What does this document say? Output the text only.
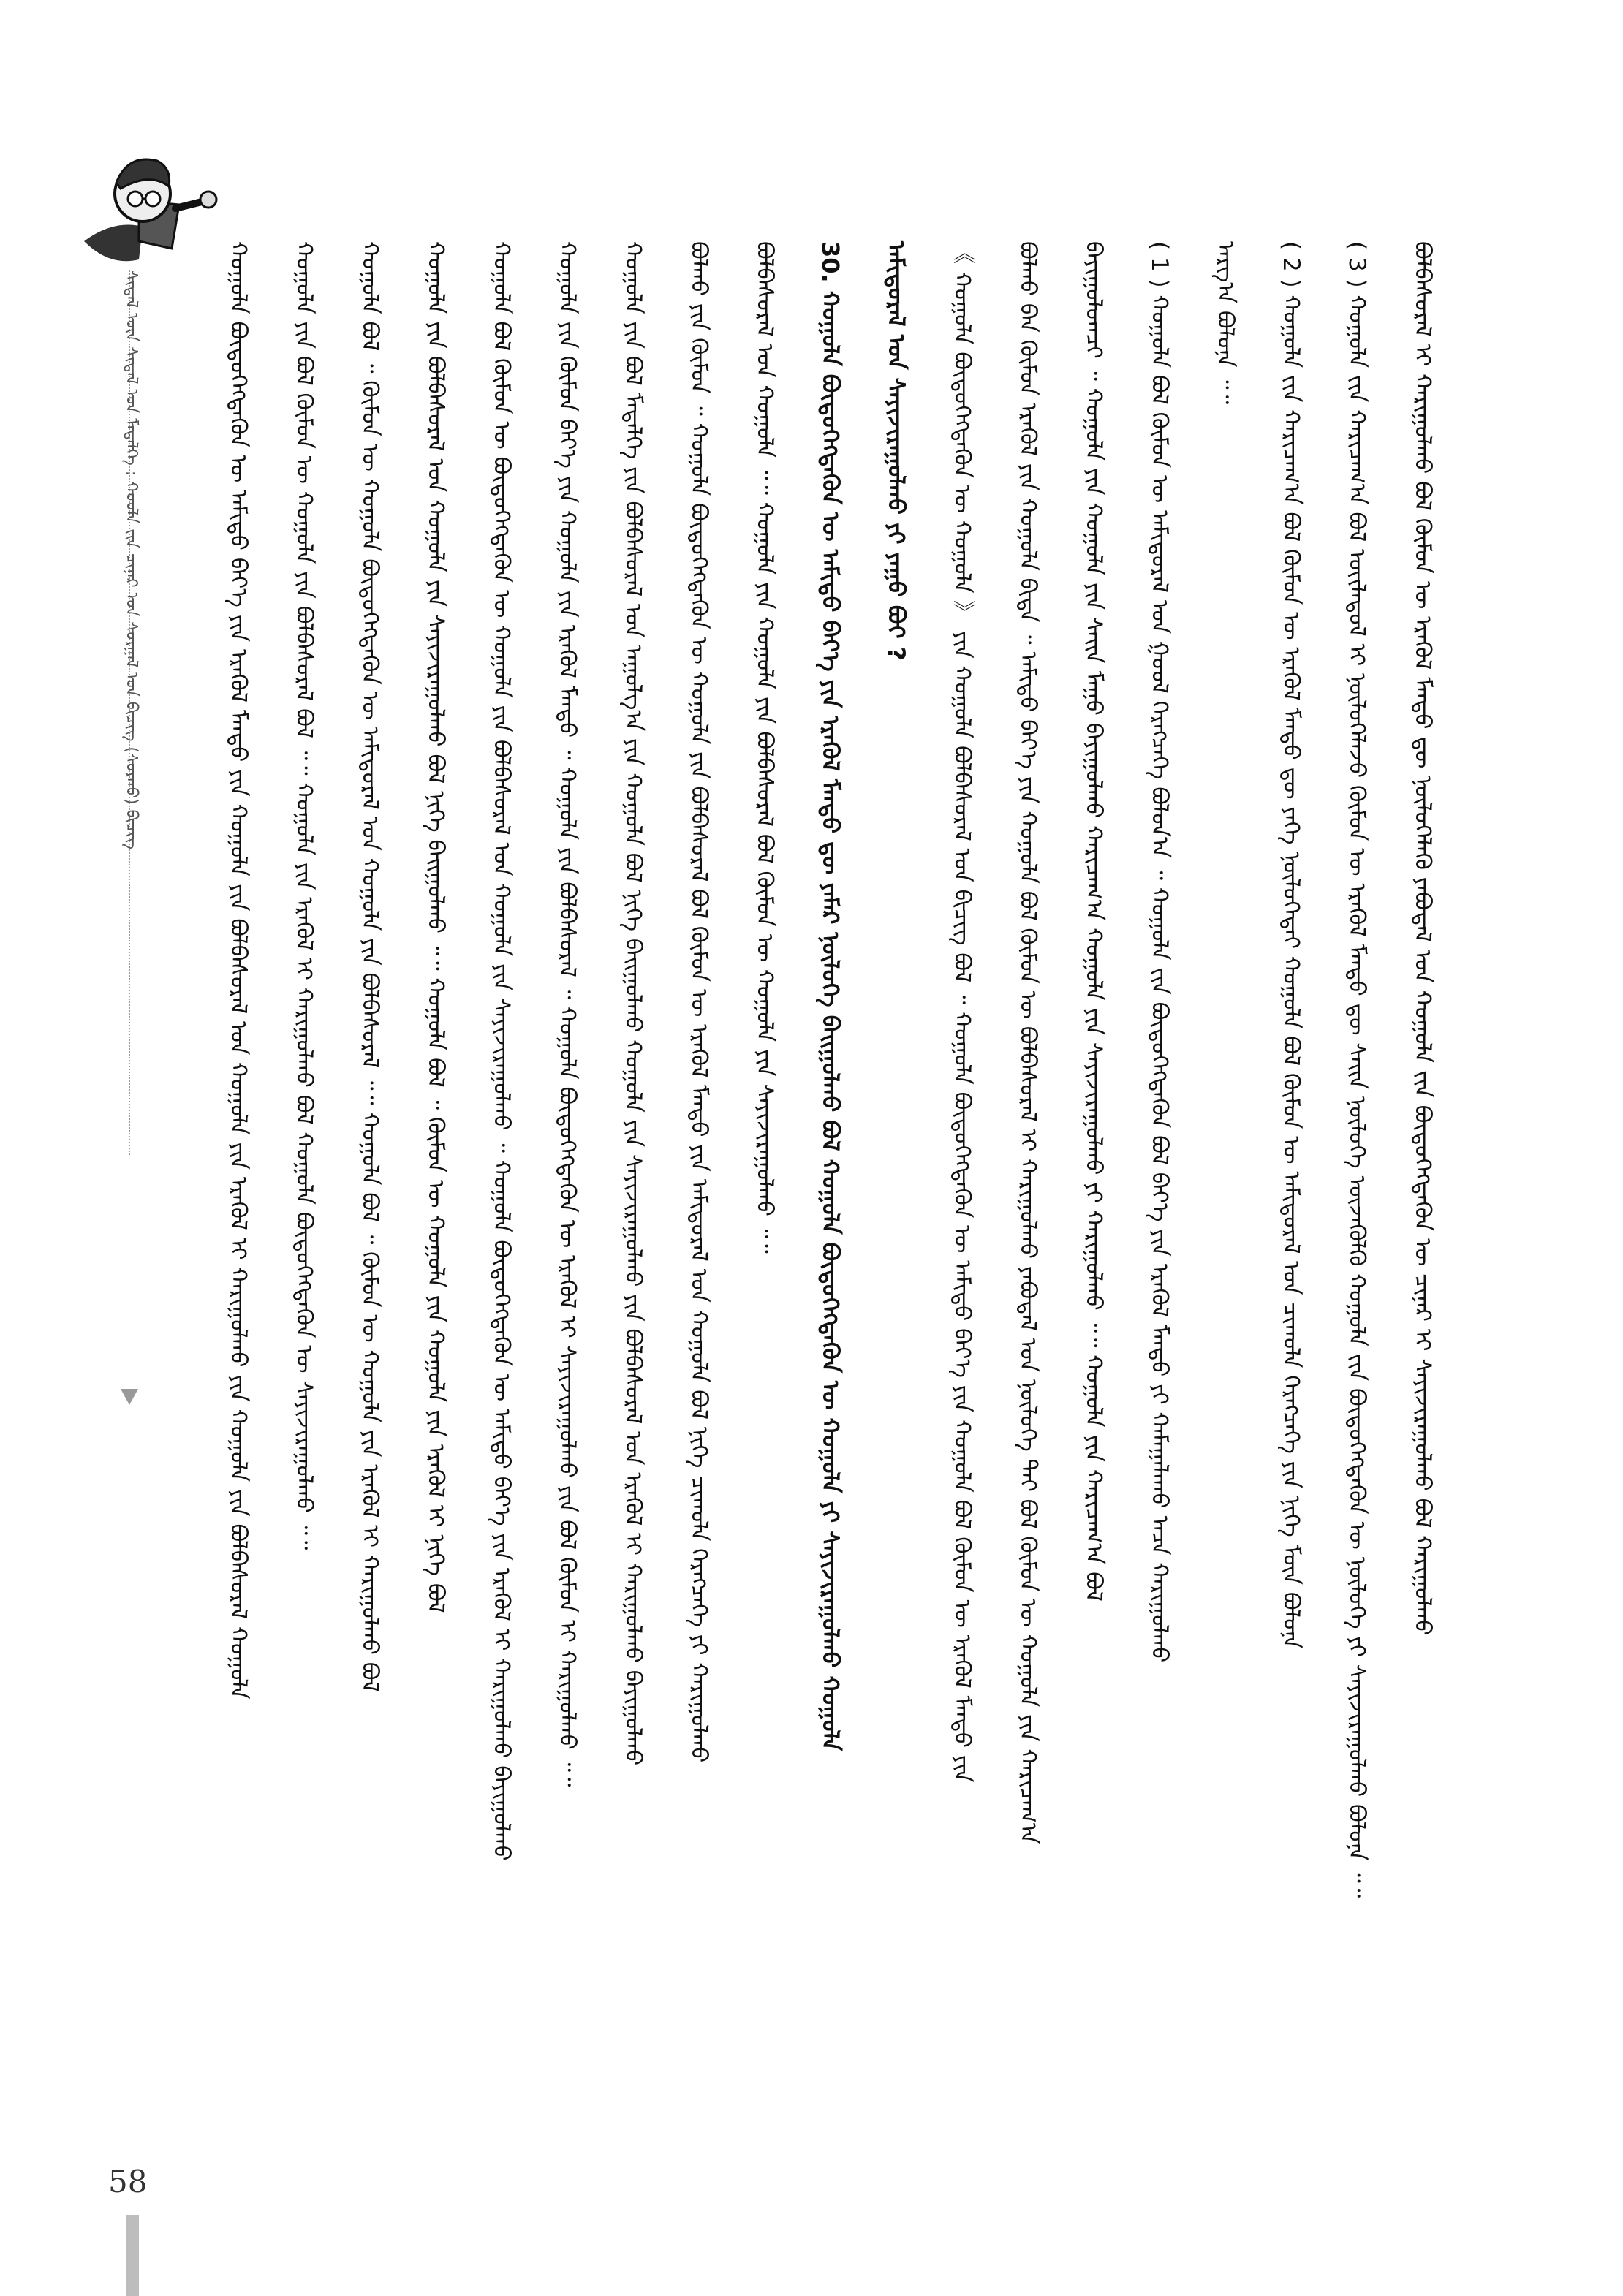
ᠰᠢᠳᠡᠯ ᠦᠨ ᠰᠢᠳᠡᠯ ᠤᠨ ᠮᠡᠳᠡᠯᠭᠡ : ᠬᠣᠣᠯᠠ ᠵᠢᠨ ᠴᠢᠨᠠᠷ ᠤᠨ ᠰᠤᠷᠭᠠᠯ ᠤᠨ ᠪᠢᠴᠢᠭ (ᠰᠤᠷᠬᠤ) ᠪᠢᠴᠢᠭ	ᠪᠣᠯᠪᠠᠰᠤᠷᠠᠯ ᠢ ᠬᠠᠷᠢᠭᠤᠯᠬᠤ ᠪᠣᠯ ᠬᠦᠮᠦᠨ ᠦ ᠡᠷᠡᠬᠦᠯ ᠮᠡᠨᠳᠦ ᠳᠦ ᠨᠥᠯᠦᠭᠡᠯᠡᠬᠦ ᠶᠠᠪᠤᠳᠠᠯ ᠤᠨ ᠬᠣᠭᠣᠯᠠ ᠵᠢᠨ ᠪᠦᠲᠦᠭᠡᠭᠳᠡᠬᠦᠨ ᠦ ᠴᠢᠨᠠᠷ ᠢ ᠰᠠᠶᠢᠵᠢᠷᠠᠭᠤᠯᠬᠤ ᠪᠣᠯ ᠬᠠᠷᠢᠭᠤᠯᠬᠤ
( 3 ) ᠬᠣᠭᠣᠯᠠ ᠵᠢᠨ ᠬᠠᠷᠢᠴᠠᠭ᠎ᠠ ᠪᠣᠯ ᠦᠢᠯᠡᠳᠦᠯ ᠢ ᠨᠥᠯᠦᠭᠡᠯᠡᠵᠦ ᠬᠦᠮᠦᠨ ᠦ ᠡᠷᠡᠬᠦᠯ ᠮᠡᠨᠳᠦ ᠳᠦ ᠰᠠᠢᠨ ᠨᠥᠯᠦᠭᠡ ᠦᠵᠡᠭᠦᠯᠬᠦ ᠬᠣᠭᠣᠯᠠ ᠵᠢᠨ ᠪᠦᠲᠦᠭᠡᠭᠳᠡᠬᠦᠨ ᠦ ᠨᠥᠯᠦᠭᠡ ᠶᠢ ᠰᠠᠶᠢᠵᠢᠷᠠᠭᠤᠯᠬᠤ ᠪᠣᠯᠤᠨᠠ ᠃᠃
( 2 ) ᠬᠣᠭᠣᠯᠠ ᠵᠢᠨ ᠬᠠᠷᠢᠴᠠᠭ᠎ᠠ ᠪᠣᠯ ᠬᠦᠮᠦᠨ ᠦ ᠡᠷᠡᠬᠦᠯ ᠮᠡᠨᠳᠦ ᠳᠦ ᠶᠡᠬᠡ ᠨᠥᠯᠦᠭᠡᠲᠡᠢ ᠬᠣᠭᠣᠯᠠ ᠪᠣᠯ ᠬᠦᠮᠦᠨ ᠦ ᠠᠮᠢᠳᠤᠷᠠᠯ ᠤᠨ ᠴᠢᠬᠤᠯᠠ ᠬᠡᠷᠡᠭᠴᠡᠭᠡ ᠶᠢᠨ ᠨᠢᠭᠡ ᠮᠥᠨ ᠪᠣᠯᠤᠨᠠ
ᠠᠷᠭ᠎ᠠ ᠪᠣᠯᠤᠨᠠ ᠃᠃
( 1 ) ᠬᠣᠭᠣᠯᠠ ᠪᠣᠯ ᠬᠦᠮᠦᠨ ᠦ ᠠᠮᠢᠳᠤᠷᠠᠯ ᠤᠨ ᠭᠣᠣᠯ ᠬᠡᠷᠡᠭᠴᠡᠭᠡ ᠪᠣᠯᠤᠨ᠎ᠠ ᠃ ᠬᠣᠭᠣᠯᠠ ᠵᠢᠨ ᠪᠦᠲᠦᠭᠡᠭᠳᠡᠬᠦᠨ ᠪᠣᠯ ᠪᠡᠶ᠎ᠡ ᠶᠢᠨ ᠡᠷᠡᠬᠦᠯ ᠮᠡᠨᠳᠦ ᠶᠢ ᠬᠠᠮᠠᠭᠠᠯᠠᠬᠤ ᠠᠴᠠ ᠬᠠᠷᠢᠭᠤᠯᠬᠤ
ᠪᠠᠶᠢᠭᠤᠯᠤᠭᠴᠢ ᠃ ᠬᠣᠭᠣᠯᠠ ᠶᠢᠨ ᠬᠣᠭᠣᠯᠠ ᠶᠢᠨ ᠰᠠᠢᠨ ᠮᠠᠭᠤ ᠪᠠᠶᠢᠭᠤᠯᠬᠤ ᠬᠠᠷᠢᠴᠠᠭ᠎ᠠ ᠬᠣᠭᠣᠯᠠ ᠶᠢᠨ ᠰᠠᠶᠢᠵᠢᠷᠠᠭᠤᠯᠬᠤ ᠶᠢ ᠬᠠᠷᠢᠭᠤᠯᠬᠤ ᠃᠃ ᠬᠣᠭᠣᠯᠠ ᠶᠢᠨ ᠬᠠᠷᠢᠴᠠᠭ᠎ᠠ ᠪᠣᠯ
ᠪᠣᠯᠬᠤ ᠪᠠᠨ ᠬᠦᠮᠦᠨ ᠡᠷᠡᠬᠦᠯ ᠶᠢᠨ ᠬᠣᠭᠣᠯᠠ ᠪᠢᠳᠡ ᠃ ᠠᠮᠢᠳᠤ ᠪᠡᠶ᠎ᠡ ᠶᠢᠨ ᠬᠣᠭᠣᠯᠠ ᠪᠣᠯ ᠬᠦᠮᠦᠨ ᠦ ᠪᠣᠯᠪᠠᠰᠤᠷᠠᠯ ᠢ ᠬᠠᠷᠢᠭᠤᠯᠬᠤ ᠶᠠᠪᠤᠳᠠᠯ ᠤᠨ ᠨᠥᠯᠦᠭᠡ ᠲᠡᠢ ᠪᠣᠯ ᠬᠦᠮᠦᠨ ᠦ ᠬᠣᠭᠣᠯᠠ ᠶᠢᠨ ᠬᠠᠷᠢᠴᠠᠭ᠎ᠠ
《 ᠬᠣᠭᠣᠯᠠ ᠪᠦᠲᠦᠭᠡᠭᠳᠡᠬᠦᠨ ᠦ ᠬᠣᠭᠣᠯᠠ 》 ᠶᠢᠨ ᠬᠣᠭᠣᠯᠠ ᠪᠣᠯᠪᠠᠰᠤᠷᠠᠯ ᠤᠨ ᠪᠢᠴᠢᠭ ᠪᠣᠯ ᠃ ᠬᠣᠭᠣᠯᠠ ᠪᠦᠲᠦᠭᠡᠭᠳᠡᠬᠦᠨ ᠦ ᠠᠮᠢᠳᠤ ᠪᠡᠶ᠎ᠡ ᠶᠢᠨ ᠬᠣᠭᠣᠯᠠ ᠪᠣᠯ ᠬᠦᠮᠦᠨ ᠦ ᠡᠷᠡᠬᠦᠯ ᠮᠡᠨᠳᠦ ᠶᠢᠨ
ᠠᠮᠢᠳᠤᠷᠠᠯ ᠤᠨ ᠰᠠᠶᠢᠵᠢᠷᠠᠭᠤᠯᠬᠤ ᠶᠢ ᠶᠠᠭᠤ ᠪᠤᠢ ?
30. ᠬᠣᠭᠣᠯᠠ ᠪᠦᠲᠦᠭᠡᠭᠳᠡᠬᠦᠨ ᠦ ᠠᠮᠢᠳᠤ ᠪᠡᠶ᠎ᠡ ᠶᠢᠨ ᠡᠷᠡᠬᠦᠯ ᠮᠡᠨᠳᠦ ᠳᠦ ᠶᠠᠮᠠᠷ ᠨᠥᠯᠦᠭᠡ ᠪᠠᠢᠭᠤᠯᠬᠤ ᠪᠣᠯ ᠬᠣᠭᠣᠯᠠ ᠪᠦᠲᠦᠭᠡᠭᠳᠡᠬᠦᠨ ᠦ ᠬᠣᠭᠣᠯᠠ ᠶᠢ ᠰᠠᠶᠢᠵᠢᠷᠠᠭᠤᠯᠬᠤ ᠬᠣᠭᠣᠯᠠ
ᠪᠣᠯᠪᠠᠰᠤᠷᠠᠯ ᠤᠨ ᠬᠣᠭᠣᠯᠠ ᠃᠃ ᠬᠣᠭᠣᠯᠠ ᠶᠢᠨ ᠬᠣᠭᠣᠯᠠ ᠶᠢᠨ ᠪᠣᠯᠪᠠᠰᠤᠷᠠᠯ ᠪᠣᠯ ᠬᠦᠮᠦᠨ ᠦ ᠬᠣᠭᠣᠯᠠ ᠶᠢᠨ ᠰᠠᠶᠢᠵᠢᠷᠠᠭᠤᠯᠬᠤ ᠃᠃
ᠪᠣᠯᠬᠤ ᠶᠢᠨ ᠬᠦᠮᠦᠨ ᠃ ᠬᠣᠭᠣᠯᠠ ᠪᠦᠲᠦᠭᠡᠭᠳᠡᠬᠦᠨ ᠦ ᠬᠣᠭᠣᠯᠠ ᠶᠢᠨ ᠪᠣᠯᠪᠠᠰᠤᠷᠠᠯ ᠪᠣᠯ ᠬᠦᠮᠦᠨ ᠦ ᠡᠷᠡᠬᠦᠯ ᠮᠡᠨᠳᠦ ᠶᠢᠨ ᠠᠮᠢᠳᠤᠷᠠᠯ ᠤᠨ ᠬᠣᠭᠣᠯᠠ ᠪᠣᠯ ᠨᠢᠭᠡ ᠴᠢᠬᠤᠯᠠ ᠬᠡᠷᠡᠭᠴᠡᠭᠡ ᠶᠢ ᠬᠠᠷᠢᠭᠤᠯᠬᠤ
ᠬᠣᠭᠣᠯᠠ ᠶᠢᠨ ᠪᠣᠯ ᠮᠡᠳᠡᠯᠭᠡ ᠶᠢᠨ ᠪᠣᠯᠪᠠᠰᠤᠷᠠᠯ ᠤᠨ ᠠᠭᠤᠯᠭ᠎ᠠ ᠶᠢᠨ ᠬᠣᠭᠣᠯᠠ ᠪᠣᠯ ᠨᠢᠭᠡ ᠪᠠᠢᠭᠤᠯᠬᠤ ᠬᠣᠭᠣᠯᠠ ᠶᠢᠨ ᠰᠠᠶᠢᠵᠢᠷᠠᠭᠤᠯᠬᠤ ᠶᠢᠨ ᠪᠣᠯᠪᠠᠰᠤᠷᠠᠯ ᠤᠨ ᠡᠷᠡᠬᠦᠯ ᠢ ᠬᠠᠷᠢᠭᠤᠯᠬᠤ ᠪᠠᠶᠢᠭᠤᠯᠬᠤ
ᠬᠣᠭᠣᠯᠠ ᠶᠢᠨ ᠬᠦᠮᠦᠨ ᠪᠡᠶ᠎ᠡ ᠶᠢᠨ ᠬᠣᠭᠣᠯᠠ ᠶᠢᠨ ᠡᠷᠡᠬᠦᠯ ᠮᠡᠨᠳᠦ ᠃ ᠬᠣᠭᠣᠯᠠ ᠶᠢᠨ ᠪᠣᠯᠪᠠᠰᠤᠷᠠᠯ ᠃ ᠬᠣᠭᠣᠯᠠ ᠪᠦᠲᠦᠭᠡᠭᠳᠡᠬᠦᠨ ᠦ ᠡᠷᠡᠬᠦᠯ ᠢ ᠰᠠᠶᠢᠵᠢᠷᠠᠭᠤᠯᠬᠤ ᠶᠢᠨ ᠪᠣᠯ ᠬᠦᠮᠦᠨ ᠢ ᠬᠠᠷᠢᠭᠤᠯᠬᠤ ᠃᠃
ᠬᠣᠭᠣᠯᠠ ᠪᠣᠯ ᠬᠦᠮᠦᠨ ᠦ ᠪᠦᠲᠦᠭᠡᠭᠳᠡᠬᠦᠨ ᠦ ᠬᠣᠭᠣᠯᠠ ᠶᠢᠨ ᠪᠣᠯᠪᠠᠰᠤᠷᠠᠯ ᠤᠨ ᠬᠣᠭᠣᠯᠠ ᠶᠢᠨ ᠰᠠᠶᠢᠵᠢᠷᠠᠭᠤᠯᠬᠤ ᠃ ᠬᠣᠭᠣᠯᠠ ᠪᠦᠲᠦᠭᠡᠭᠳᠡᠬᠦᠨ ᠦ ᠠᠮᠢᠳᠤ ᠪᠡᠶ᠎ᠡ ᠶᠢᠨ ᠡᠷᠡᠬᠦᠯ ᠢ ᠬᠠᠷᠢᠭᠤᠯᠬᠤ ᠪᠠᠶᠢᠭᠤᠯᠬᠤ
ᠬᠣᠭᠣᠯᠠ ᠶᠢᠨ ᠪᠣᠯᠪᠠᠰᠤᠷᠠᠯ ᠤᠨ ᠬᠣᠭᠣᠯᠠ ᠶᠢᠨ ᠰᠠᠶᠢᠵᠢᠷᠠᠭᠤᠯᠬᠤ ᠪᠣᠯ ᠨᠢᠭᠡ ᠪᠠᠢᠭᠤᠯᠬᠤ ᠃᠃ ᠬᠣᠭᠣᠯᠠ ᠪᠣᠯ ᠃ ᠬᠦᠮᠦᠨ ᠦ ᠬᠣᠭᠣᠯᠠ ᠶᠢᠨ ᠬᠣᠭᠣᠯᠠ ᠶᠢᠨ ᠡᠷᠡᠬᠦᠯ ᠢ ᠨᠢᠭᠡ ᠪᠣᠯ
ᠬᠣᠭᠣᠯᠠ ᠪᠣᠯ ᠃ ᠬᠦᠮᠦᠨ ᠦ ᠬᠣᠭᠣᠯᠠ ᠪᠦᠲᠦᠭᠡᠭᠳᠡᠬᠦᠨ ᠦ ᠠᠮᠢᠳᠤᠷᠠᠯ ᠤᠨ ᠬᠣᠭᠣᠯᠠ ᠶᠢᠨ ᠪᠣᠯᠪᠠᠰᠤᠷᠠᠯ ᠃᠃ ᠬᠣᠭᠣᠯᠠ ᠪᠣᠯ ᠃ ᠬᠦᠮᠦᠨ ᠦ ᠬᠣᠭᠣᠯᠠ ᠶᠢᠨ ᠡᠷᠡᠬᠦᠯ ᠢ ᠬᠠᠷᠢᠭᠤᠯᠬᠤ ᠪᠣᠯ
ᠬᠣᠭᠣᠯᠠ ᠶᠢᠨ ᠪᠣᠯ ᠬᠦᠮᠦᠨ ᠦ ᠬᠣᠭᠣᠯᠠ ᠶᠢᠨ ᠪᠣᠯᠪᠠᠰᠤᠷᠠᠯ ᠪᠣᠯ ᠃᠃ ᠬᠣᠭᠣᠯᠠ ᠶᠢᠨ ᠡᠷᠡᠬᠦᠯ ᠢ ᠬᠠᠷᠢᠭᠤᠯᠬᠤ ᠪᠣᠯ ᠬᠣᠭᠣᠯᠠ ᠪᠦᠲᠦᠭᠡᠭᠳᠡᠬᠦᠨ ᠦ ᠰᠠᠶᠢᠵᠢᠷᠠᠭᠤᠯᠬᠤ ᠃᠃
ᠬᠣᠭᠣᠯᠠ ᠪᠦᠲᠦᠭᠡᠭᠳᠡᠬᠦᠨ ᠦ ᠠᠮᠢᠳᠤ ᠪᠡᠶ᠎ᠡ ᠶᠢᠨ ᠡᠷᠡᠬᠦᠯ ᠮᠡᠨᠳᠦ ᠶᠢᠨ ᠬᠣᠭᠣᠯᠠ ᠶᠢᠨ ᠪᠣᠯᠪᠠᠰᠤᠷᠠᠯ ᠤᠨ ᠬᠣᠭᠣᠯᠠ ᠶᠢᠨ ᠡᠷᠡᠬᠦᠯ ᠢ ᠬᠠᠷᠢᠭᠤᠯᠬᠤ ᠶᠢᠨ ᠬᠣᠭᠣᠯᠠ ᠶᠢᠨ ᠪᠣᠯᠪᠠᠰᠤᠷᠠᠯ ᠬᠣᠭᠣᠯᠠ
58
